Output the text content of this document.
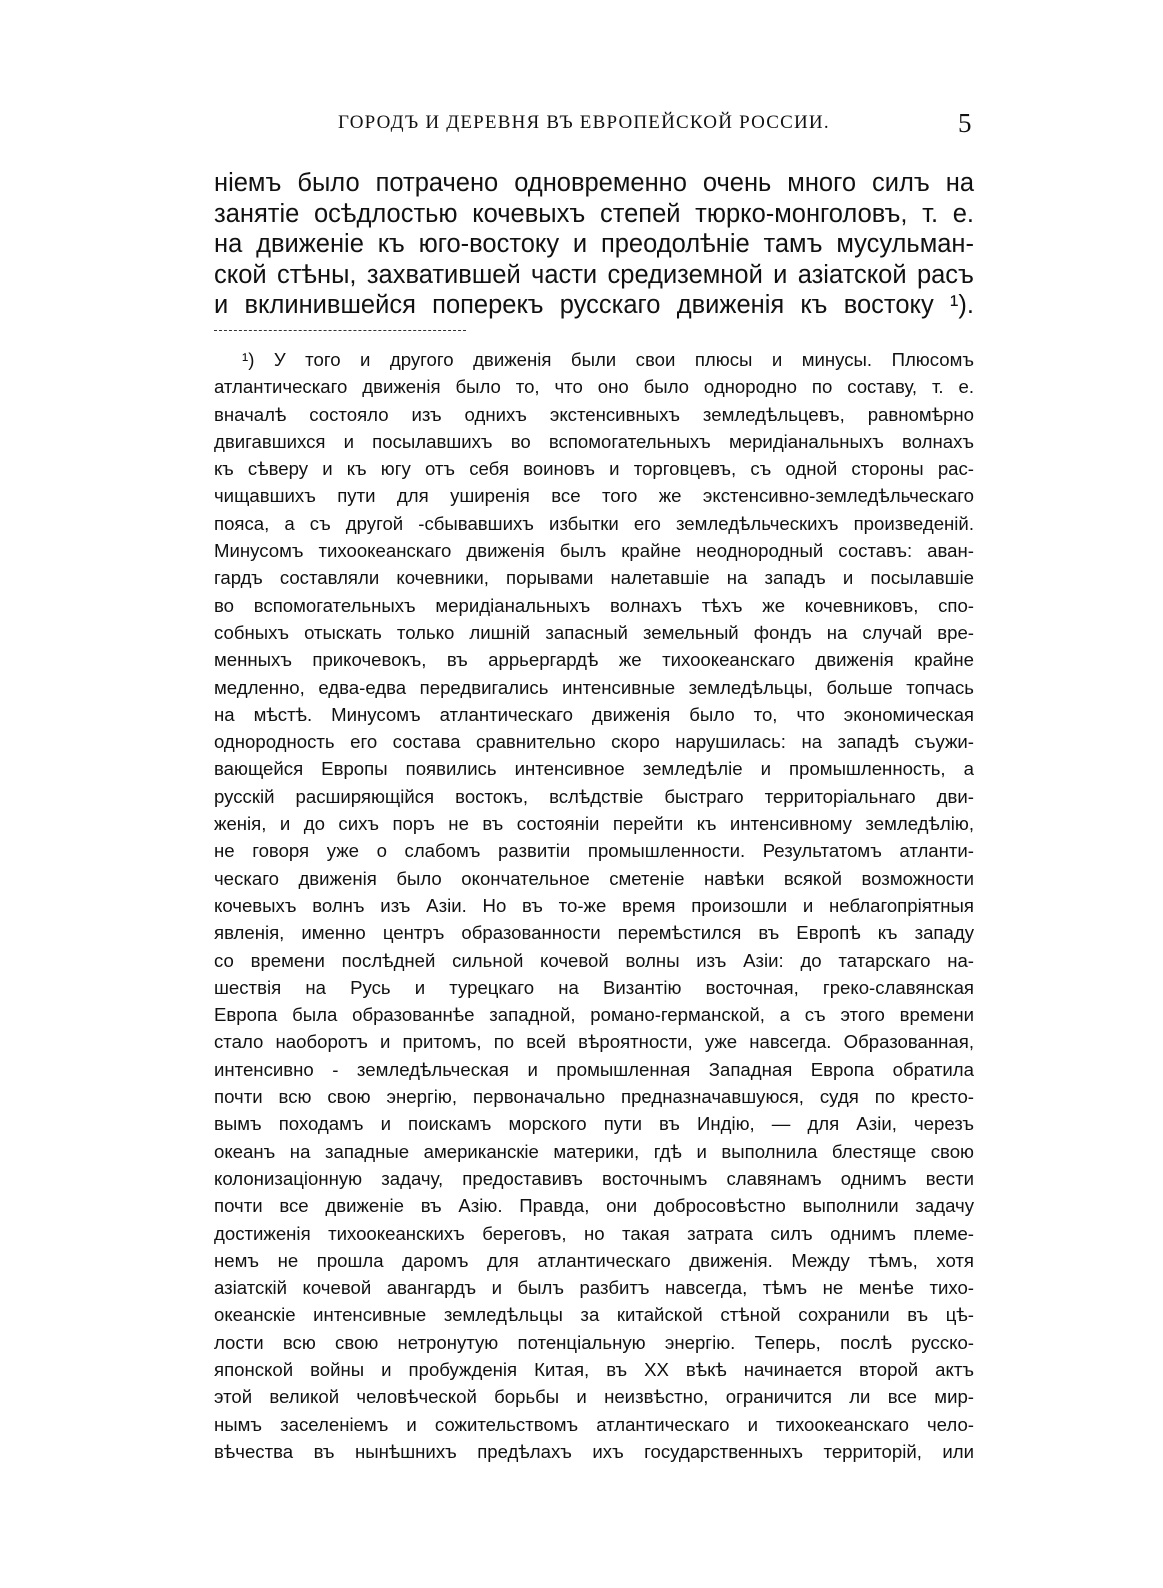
ГОРОДЪ И ДЕРЕВНЯ ВЪ ЕВРОПЕЙСКОЙ РОССИИ.	5
ніемъ было потрачено одновременно очень много силъ на
занятіе осѣдлостью кочевыхъ степей тюрко-монголовъ, т. е.
на движеніе къ юго-востоку и преодолѣніе тамъ мусульман-
ской стѣны, захватившей части средиземной и азіатской расъ
и вклинившейся поперекъ русскаго движенія къ востоку ¹).
¹) У того и другого движенія были свои плюсы и минусы. Плюсомъ
атлантическаго движенія было то, что оно было однородно по составу, т. е.
вначалѣ состояло изъ однихъ экстенсивныхъ земледѣльцевъ, равномѣрно
двигавшихся и посылавшихъ во вспомогательныхъ меридіанальныхъ волнахъ
къ сѣверу и къ югу отъ себя воиновъ и торговцевъ, съ одной стороны рас-
чищавшихъ пути для уширенія все того же экстенсивно-земледѣльческаго
пояса, а съ другой -сбывавшихъ избытки его земледѣльческихъ произведеній.
Минусомъ тихоокеанскаго движенія былъ крайне неоднородный составъ: аван-
гардъ составляли кочевники, порывами налетавшіе на западъ и посылавшіе
во вспомогательныхъ меридіанальныхъ волнахъ тѣхъ же кочевниковъ, спо-
собныхъ отыскать только лишній запасный земельный фондъ на случай вре-
менныхъ прикочевокъ, въ аррьергардѣ же тихоокеанскаго движенія крайне
медленно, едва-едва передвигались интенсивные земледѣльцы, больше топчась
на мѣстѣ. Минусомъ атлантическаго движенія было то, что экономическая
однородность его состава сравнительно скоро нарушилась: на западѣ съужи-
вающейся Европы появились интенсивное земледѣліе и промышленность, а
русскій расширяющійся востокъ, вслѣдствіе быстраго территоріальнаго дви-
женія, и до сихъ поръ не въ состояніи перейти къ интенсивному земледѣлію,
не говоря уже о слабомъ развитіи промышленности. Результатомъ атланти-
ческаго движенія было окончательное сметеніе навѣки всякой возможности
кочевыхъ волнъ изъ Азіи. Но въ то-же время произошли и неблагопріятныя
явленія, именно центръ образованности перемѣстился въ Европѣ къ западу
со времени послѣдней сильной кочевой волны изъ Азіи: до татарскаго на-
шествія на Русь и турецкаго на Византію восточная, греко-славянская
Европа была образованнѣе западной, романо-германской, а съ этого времени
стало наоборотъ и притомъ, по всей вѣроятности, уже навсегда. Образованная,
интенсивно - земледѣльческая и промышленная Западная Европа обратила
почти всю свою энергію, первоначально предназначавшуюся, судя по кресто-
вымъ походамъ и поискамъ морского пути въ Индію, — для Азіи, черезъ
океанъ на западные американскіе материки, гдѣ и выполнила блестяще свою
колонизаціонную задачу, предоставивъ восточнымъ славянамъ однимъ вести
почти все движеніе въ Азію. Правда, они добросовѣстно выполнили задачу
достиженія тихоокеанскихъ береговъ, но такая затрата силъ однимъ племе-
немъ не прошла даромъ для атлантическаго движенія. Между тѣмъ, хотя
азіатскій кочевой авангардъ и былъ разбитъ навсегда, тѣмъ не менѣе тихо-
океанскіе интенсивные земледѣльцы за китайской стѣной сохранили въ цѣ-
лости всю свою нетронутую потенціальную энергію. Теперь, послѣ русско-
японской войны и пробужденія Китая, въ XX вѣкѣ начинается второй актъ
этой великой человѣческой борьбы и неизвѣстно, ограничится ли все мир-
нымъ заселеніемъ и сожительствомъ атлантическаго и тихоокеанскаго чело-
вѣчества въ нынѣшнихъ предѣлахъ ихъ государственныхъ территорій, или
